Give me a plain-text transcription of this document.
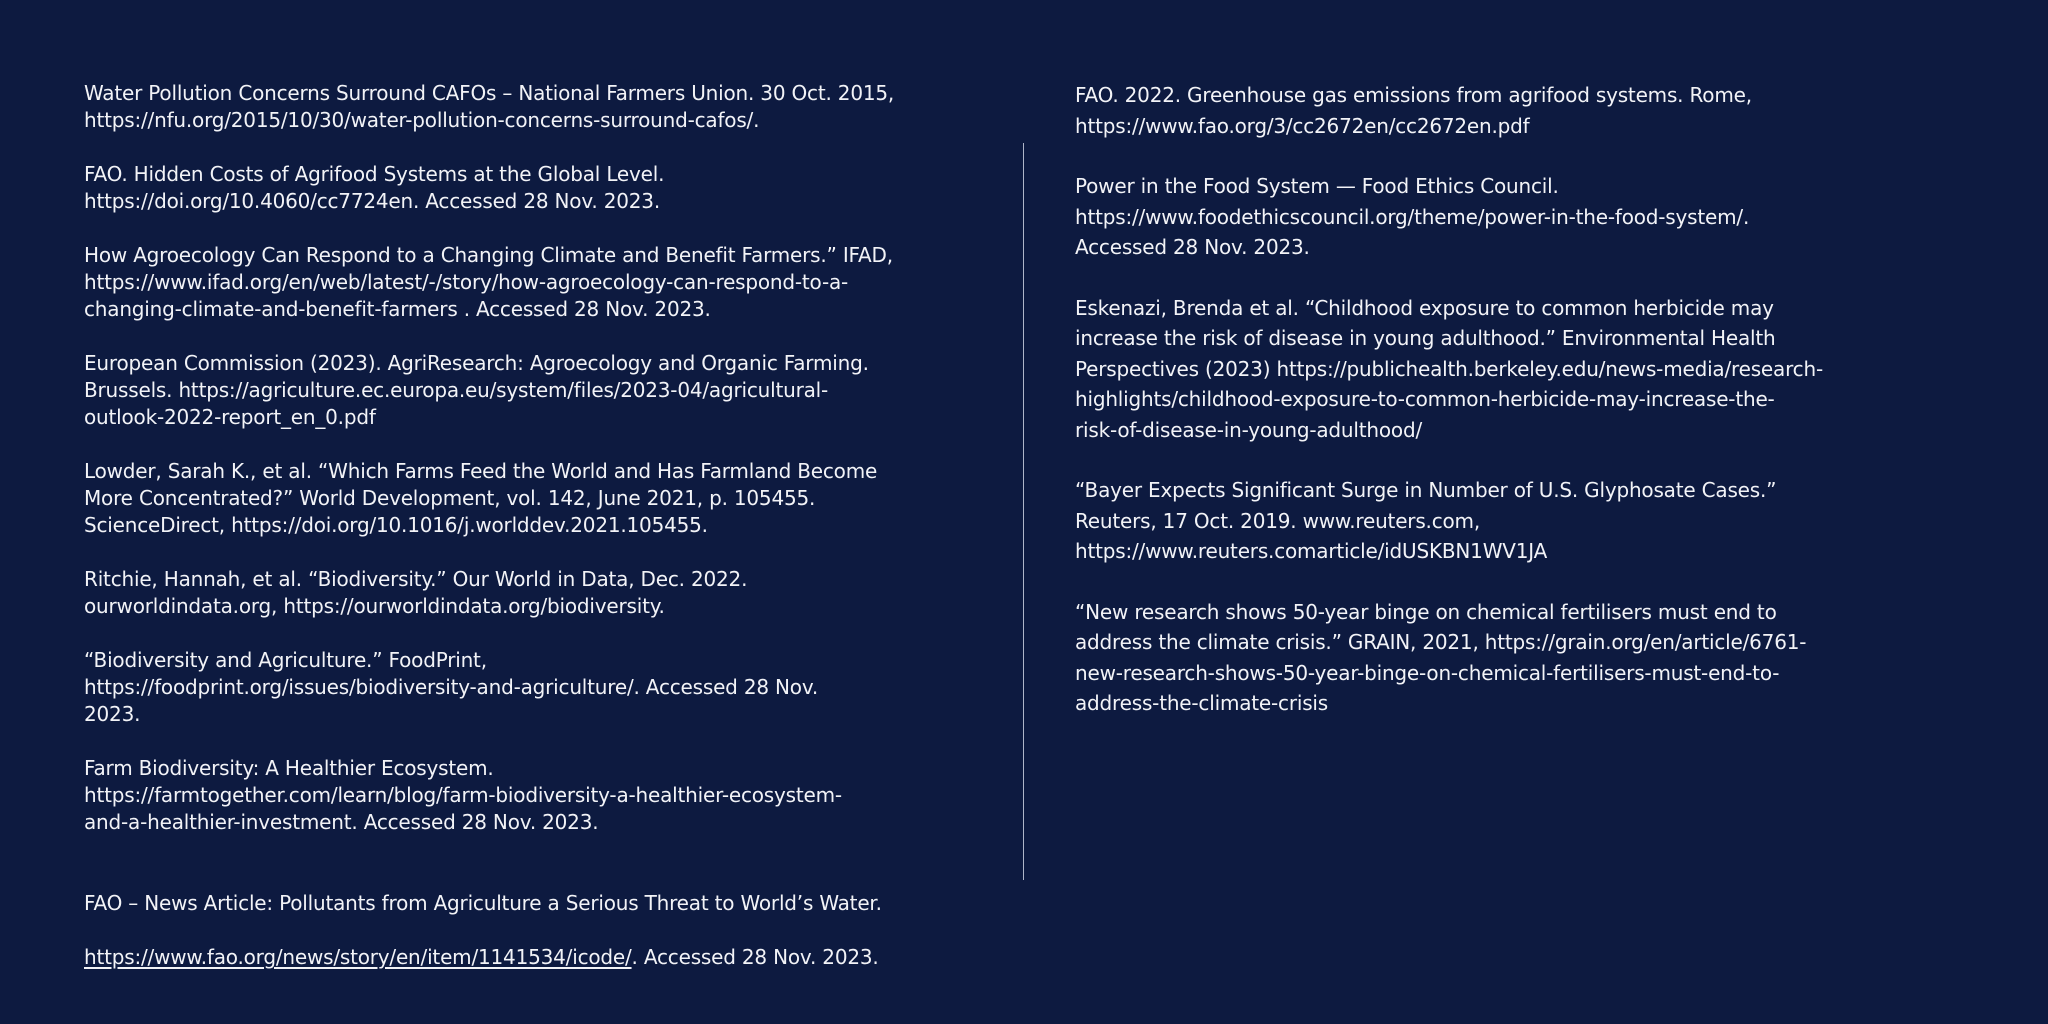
Water Pollution Concerns Surround CAFOs – National Farmers Union. 30 Oct. 2015,
https://nfu.org/2015/10/30/water-pollution-concerns-surround-cafos/.

FAO. Hidden Costs of Agrifood Systems at the Global Level.
https://doi.org/10.4060/cc7724en. Accessed 28 Nov. 2023.

How Agroecology Can Respond to a Changing Climate and Benefit Farmers.” IFAD,
https://www.ifad.org/en/web/latest/-/story/how-agroecology-can-respond-to-a-
changing-climate-and-benefit-farmers . Accessed 28 Nov. 2023.

European Commission (2023). AgriResearch: Agroecology and Organic Farming.
Brussels. https://agriculture.ec.europa.eu/system/files/2023-04/agricultural-
outlook-2022-report_en_0.pdf

Lowder, Sarah K., et al. “Which Farms Feed the World and Has Farmland Become
More Concentrated?” World Development, vol. 142, June 2021, p. 105455.
ScienceDirect, https://doi.org/10.1016/j.worlddev.2021.105455.

Ritchie, Hannah, et al. “Biodiversity.” Our World in Data, Dec. 2022.
ourworldindata.org, https://ourworldindata.org/biodiversity.

“Biodiversity and Agriculture.” FoodPrint,
https://foodprint.org/issues/biodiversity-and-agriculture/. Accessed 28 Nov.
2023.

Farm Biodiversity: A Healthier Ecosystem.
https://farmtogether.com/learn/blog/farm-biodiversity-a-healthier-ecosystem-
and-a-healthier-investment. Accessed 28 Nov. 2023.

FAO – News Article: Pollutants from Agriculture a Serious Threat to World’s Water.

https://www.fao.org/news/story/en/item/1141534/icode/. Accessed 28 Nov. 2023.

FAO. 2022. Greenhouse gas emissions from agrifood systems. Rome,
https://www.fao.org/3/cc2672en/cc2672en.pdf

Power in the Food System — Food Ethics Council.
https://www.foodethicscouncil.org/theme/power-in-the-food-system/.
Accessed 28 Nov. 2023.

Eskenazi, Brenda et al. “Childhood exposure to common herbicide may
increase the risk of disease in young adulthood.” Environmental Health
Perspectives (2023) https://publichealth.berkeley.edu/news-media/research-
highlights/childhood-exposure-to-common-herbicide-may-increase-the-
risk-of-disease-in-young-adulthood/

“Bayer Expects Significant Surge in Number of U.S. Glyphosate Cases.”
Reuters, 17 Oct. 2019. www.reuters.com,
https://www.reuters.comarticle/idUSKBN1WV1JA

“New research shows 50-year binge on chemical fertilisers must end to
address the climate crisis.” GRAIN, 2021, https://grain.org/en/article/6761-
new-research-shows-50-year-binge-on-chemical-fertilisers-must-end-to-
address-the-climate-crisis
